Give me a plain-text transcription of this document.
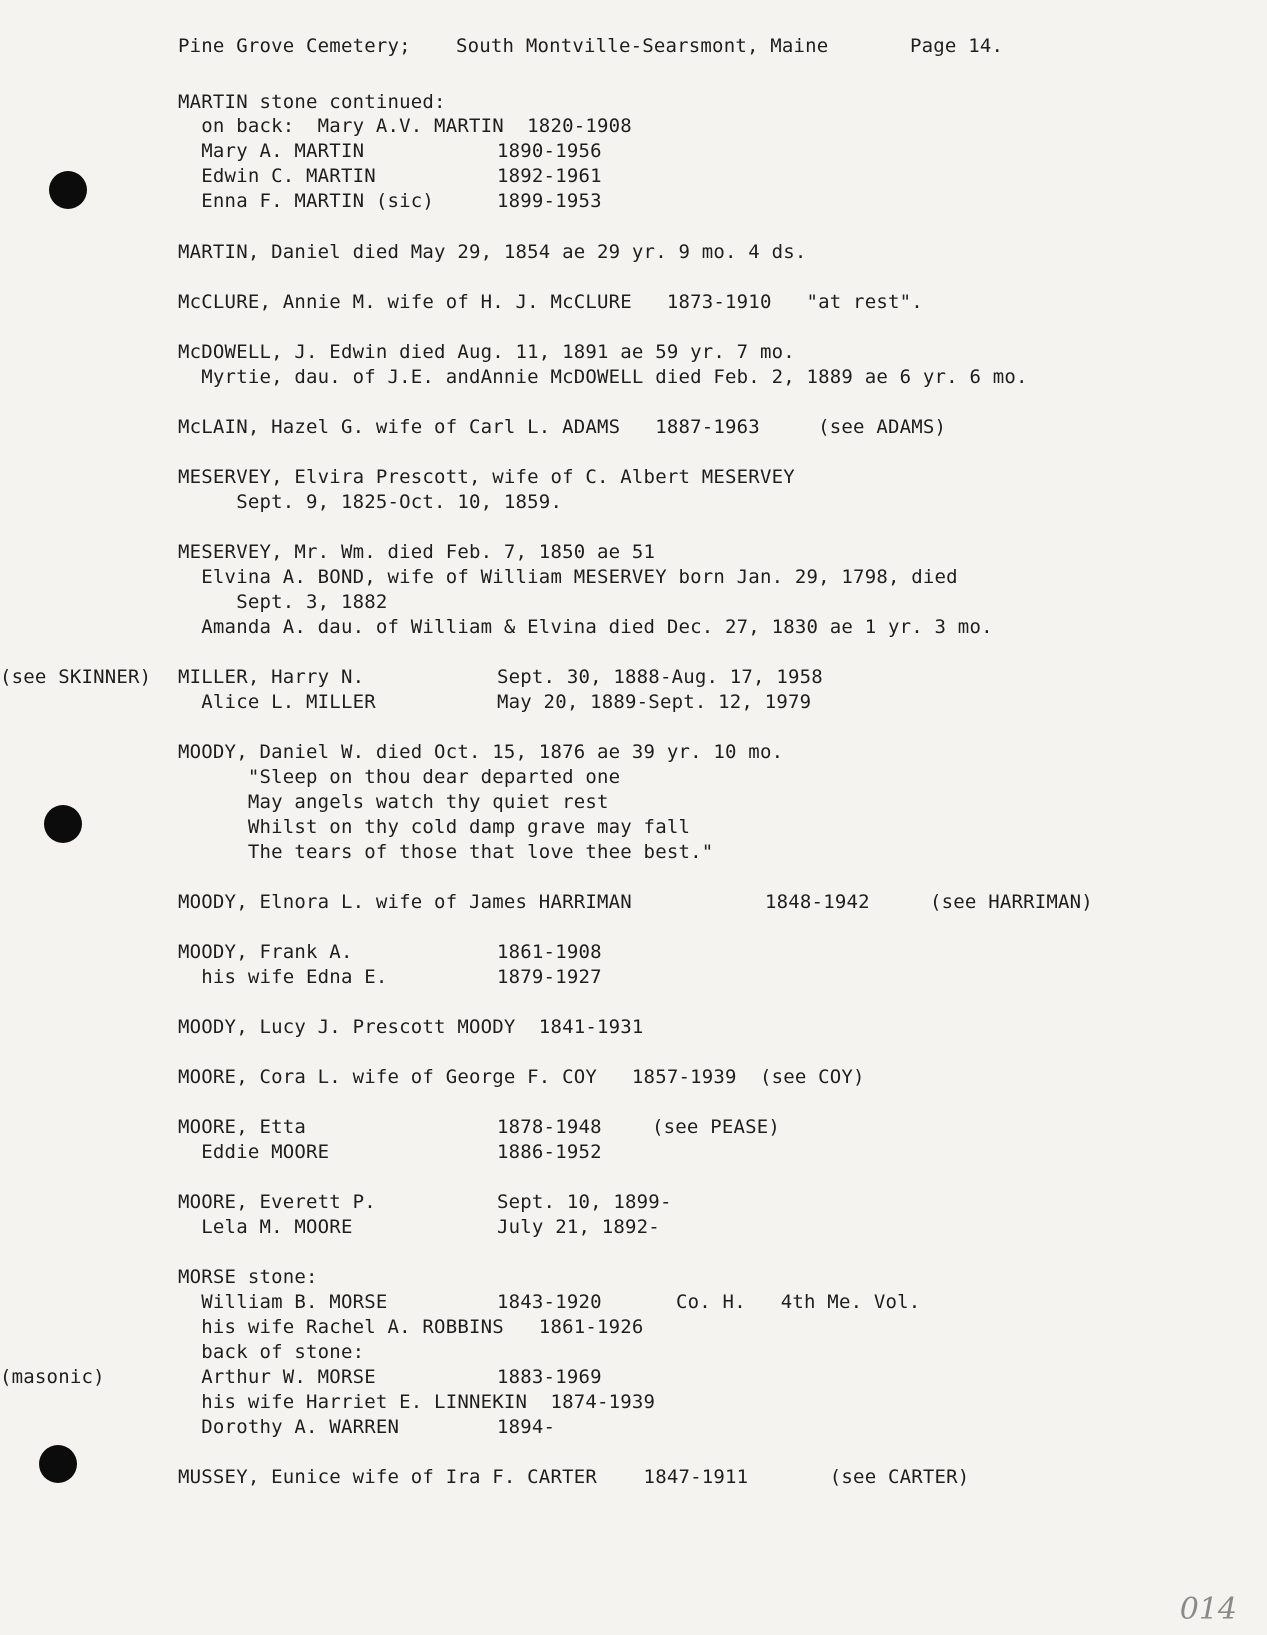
Pine Grove Cemetery; South Montville-Searsmont, Maine	Page 14.
MARTIN stone continued:
on back:  Mary A.V. MARTIN  1820-1908
Mary A. MARTIN	1890-1956
Edwin C. MARTIN	1892-1961
Enna F. MARTIN (sic)	1899-1953
MARTIN, Daniel died May 29, 1854 ae 29 yr. 9 mo. 4 ds.
McCLURE, Annie M. wife of H. J. McCLURE   1873-1910   "at rest".
McDOWELL, J. Edwin died Aug. 11, 1891 ae 59 yr. 7 mo.
Myrtie, dau. of J.E. andAnnie McDOWELL died Feb. 2, 1889 ae 6 yr. 6 mo.
McLAIN, Hazel G. wife of Carl L. ADAMS   1887-1963     (see ADAMS)
MESERVEY, Elvira Prescott, wife of C. Albert MESERVEY
Sept. 9, 1825-Oct. 10, 1859.
MESERVEY, Mr. Wm. died Feb. 7, 1850 ae 51
Elvina A. BOND, wife of William MESERVEY born Jan. 29, 1798, died
Sept. 3, 1882
Amanda A. dau. of William & Elvina died Dec. 27, 1830 ae 1 yr. 3 mo.
MILLER, Harry N.	Sept. 30, 1888-Aug. 17, 1958
(see SKINNER)
Alice L. MILLER	May 20, 1889-Sept. 12, 1979
MOODY, Daniel W. died Oct. 15, 1876 ae 39 yr. 10 mo.
"Sleep on thou dear departed one
May angels watch thy quiet rest
Whilst on thy cold damp grave may fall
The tears of those that love thee best."
MOODY, Elnora L. wife of James HARRIMAN	1848-1942	(see HARRIMAN)
MOODY, Frank A.	1861-1908
his wife Edna E.	1879-1927
MOODY, Lucy J. Prescott MOODY  1841-1931
MOORE, Cora L. wife of George F. COY   1857-1939  (see COY)
MOORE, Etta	1878-1948	(see PEASE)
Eddie MOORE	1886-1952
MOORE, Everett P.	Sept. 10, 1899-
Lela M. MOORE	July 21, 1892-
MORSE stone:
William B. MORSE	1843-1920	Co. H.   4th Me. Vol.
his wife Rachel A. ROBBINS   1861-1926
back of stone:
Arthur W. MORSE	1883-1969
(masonic)
his wife Harriet E. LINNEKIN  1874-1939
Dorothy A. WARREN	1894-
MUSSEY, Eunice wife of Ira F. CARTER    1847-1911       (see CARTER)
014
